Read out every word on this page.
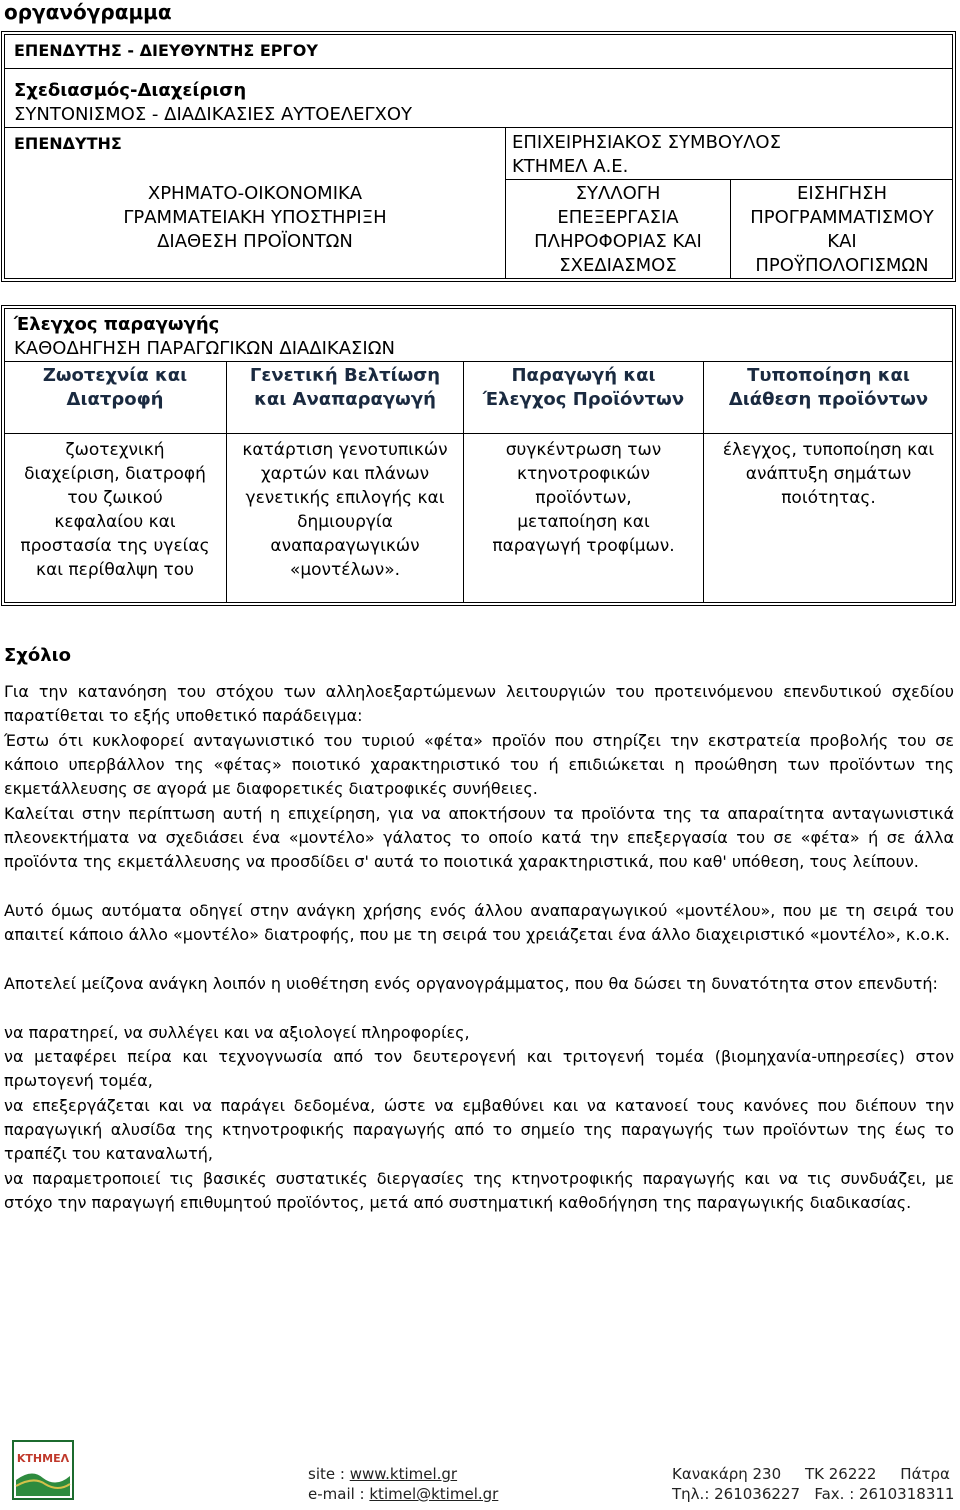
οργανόγραμμα
ΕΠΕΝΔΥΤΗΣ - ΔΙΕΥΘΥΝΤΗΣ ΕΡΓΟΥ
Σχεδιασμός-Διαχείριση
ΣΥΝΤΟΝΙΣΜΟΣ - ΔΙΑΔΙΚΑΣΙΕΣ ΑΥΤΟΕΛΕΓΧΟΥ
ΕΠΕΝΔΥΤΗΣ	ΕΠΙΧΕΙΡΗΣΙΑΚΟΣ ΣΥΜΒΟΥΛΟΣ
ΚΤΗΜΕΛ Α.Ε.
ΧΡΗΜΑΤΟ-ΟΙΚΟΝΟΜΙΚΑ
ΓΡΑΜΜΑΤΕΙΑΚΗ ΥΠΟΣΤΗΡΙΞΗ
ΔΙΑΘΕΣΗ ΠΡΟΪΟΝΤΩΝ
ΣΥΛΛΟΓΗ
ΕΠΕΞΕΡΓΑΣΙΑ
ΠΛΗΡΟΦΟΡΙΑΣ ΚΑΙ
ΣΧΕΔΙΑΣΜΟΣ
ΕΙΣΗΓΗΣΗ
ΠΡΟΓΡΑΜΜΑΤΙΣΜΟΥ
ΚΑΙ
ΠΡΟΫΠΟΛΟΓΙΣΜΩΝ
Έλεγχος παραγωγής
ΚΑΘΟΔΗΓΗΣΗ ΠΑΡΑΓΩΓΙΚΩΝ ΔΙΑΔΙΚΑΣΙΩΝ
Ζωοτεχνία και
Διατροφή
Γενετική Βελτίωση
και Αναπαραγωγή
Παραγωγή και
Έλεγχος Προϊόντων
Τυποποίηση και
Διάθεση προϊόντων
ζωοτεχνική
διαχείριση, διατροφή
του ζωικού
κεφαλαίου και
προστασία της υγείας
και περίθαλψη του
κατάρτιση γενοτυπικών
χαρτών και πλάνων
γενετικής επιλογής και
δημιουργία
αναπαραγωγικών
«μοντέλων».
συγκέντρωση των
κτηνοτροφικών
προϊόντων,
μεταποίηση και
παραγωγή τροφίμων.
έλεγχος, τυποποίηση και
ανάπτυξη σημάτων
ποιότητας.
Σχόλιο
Για την κατανόηση του στόχου των αλληλοεξαρτώμενων λειτουργιών του προτεινόμενου επενδυτικού σχεδίου παρατίθεται το εξής υποθετικό παράδειγμα:
Έστω ότι κυκλοφορεί ανταγωνιστικό του τυριού «φέτα» προϊόν που στηρίζει την εκστρατεία προβολής του σε κάποιο υπερβάλλον της «φέτας» ποιοτικό χαρακτηριστικό του ή επιδιώκεται η προώθηση των προϊόντων της εκμετάλλευσης σε αγορά με διαφορετικές διατροφικές συνήθειες.
Καλείται στην περίπτωση αυτή η επιχείρηση, για να αποκτήσουν τα προϊόντα της τα απαραίτητα ανταγωνιστικά πλεονεκτήματα να σχεδιάσει ένα «μοντέλο» γάλατος το οποίο κατά την επεξεργασία του σε «φέτα» ή σε άλλα προϊόντα της εκμετάλλευσης να προσδίδει σ' αυτά το ποιοτικά χαρακτηριστικά, που καθ' υπόθεση, τους λείπουν.
Αυτό όμως αυτόματα οδηγεί στην ανάγκη χρήσης ενός άλλου αναπαραγωγικού «μοντέλου», που με τη σειρά του απαιτεί κάποιο άλλο «μοντέλο» διατροφής, που με τη σειρά του χρειάζεται ένα άλλο διαχειριστικό «μοντέλο», κ.ο.κ.
Αποτελεί μείζονα ανάγκη λοιπόν η υιοθέτηση ενός οργανογράμματος, που θα δώσει τη δυνατότητα στον επενδυτή:
να παρατηρεί, να συλλέγει και να αξιολογεί πληροφορίες,
να μεταφέρει πείρα και τεχνογνωσία από τον δευτερογενή και τριτογενή τομέα (βιομηχανία-υπηρεσίες) στον πρωτογενή τομέα,
να επεξεργάζεται και να παράγει δεδομένα, ώστε να εμβαθύνει και να κατανοεί τους κανόνες που διέπουν την παραγωγική αλυσίδα της κτηνοτροφικής παραγωγής από το σημείο της παραγωγής των προϊόντων της έως το τραπέζι του καταναλωτή,
να παραμετροποιεί τις βασικές συστατικές διεργασίες της κτηνοτροφικής παραγωγής και να τις συνδυάζει, με στόχο την παραγωγή επιθυμητού προϊόντος, μετά από συστηματική καθοδήγηση της παραγωγικής διαδικασίας.
ΚΤΗΜΕΛ
site : www.ktimel.gr
e-mail : ktimel@ktimel.gr
Κανακάρη 230     ΤΚ 26222     Πάτρα
Τηλ.: 261036227   Fax. : 2610318311
